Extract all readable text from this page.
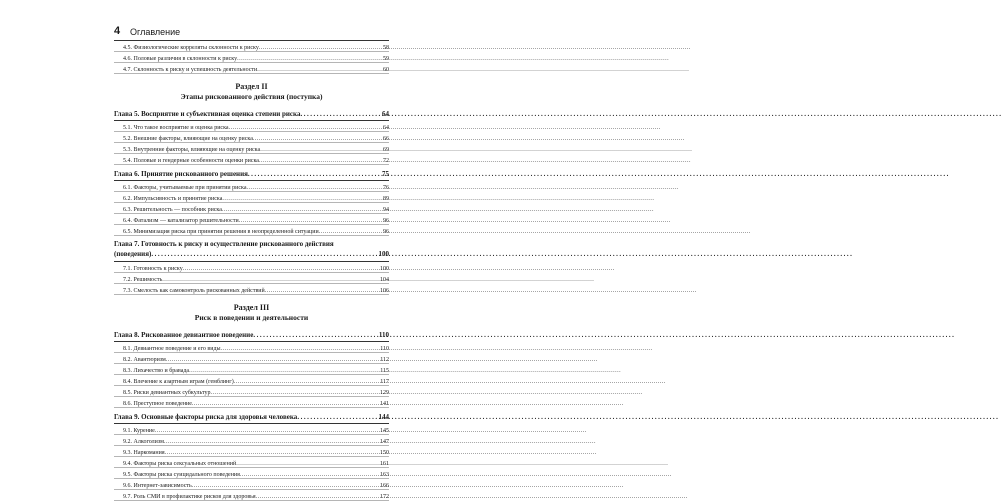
4 Оглавление
4.5. Физиологические корреляты склонности к риску .....	58
4.6. Половые различия в склонности к риску .....	59
4.7. Склонность к риску и успешность деятельности .....	60
Раздел II
Этапы рискованного действия (поступка)
Глава 5. Восприятие и субъективная оценка степени риска .....	64
5.1. Что такое восприятие и оценка риска .....	64
5.2. Внешние факторы, влияющие на оценку риска .....	66
5.3. Внутренние факторы, влияющие на оценку риска .....	69
5.4. Половые и гендерные особенности оценки риска .....	72
Глава 6. Принятие рискованного решения .....	75
6.1. Факторы, учитываемые при принятии риска .....	76
6.2. Импульсивность и принятие риска .....	89
6.3. Решительность — пособник риска .....	94
6.4. Фатализм — катализатор решительности .....	96
6.5. Минимизация риска при принятии решения в неопределенной ситуации .....	96
Глава 7. Готовность к риску и осуществление рискованного действия
(поведения) .....	100
7.1. Готовность к риску .....	100
7.2. Решимость .....	104
7.3. Смелость как самоконтроль рискованных действий .....	106
Раздел III
Риск в поведении и деятельности
Глава 8. Рискованное девиантное поведение .....	110
8.1. Девиантное поведение и его виды .....	110
8.2. Авантюризм .....	112
8.3. Лихачество и бравада .....	115
8.4. Влечение к азартным играм (гемблинг) .....	117
8.5. Риски девиантных субкультур .....	129
8.6. Преступное поведение .....	141
Глава 9. Основные факторы риска для здоровья человека .....	144
9.1. Курение .....	145
9.2. Алкоголизм .....	147
9.3. Наркомания .....	150
9.4. Факторы риска сексуальных отношений .....	161
9.5. Факторы риска суицидального поведения .....	163
9.6. Интернет-зависимость .....	166
9.7. Роль СМИ в профилактике рисков для здоровья .....	172
